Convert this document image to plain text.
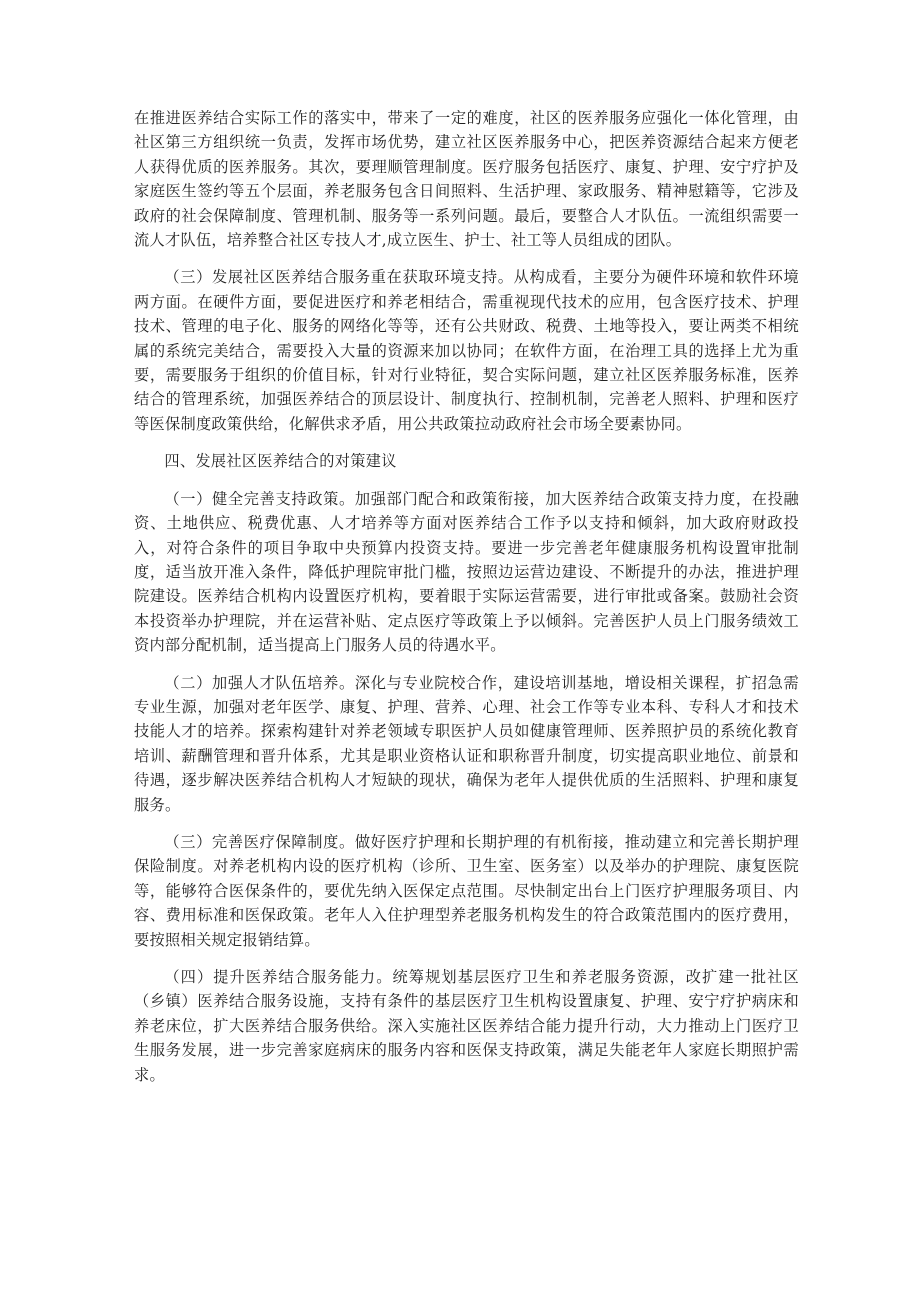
在推进医养结合实际工作的落实中，带来了一定的难度，社区的医养服务应强化一体化管理，由社区第三方组织统一负责，发挥市场优势，建立社区医养服务中心，把医养资源结合起来方便老人获得优质的医养服务。其次，要理顺管理制度。医疗服务包括医疗、康复、护理、安宁疗护及家庭医生签约等五个层面，养老服务包含日间照料、生活护理、家政服务、精神慰籍等，它涉及政府的社会保障制度、管理机制、服务等一系列问题。最后，要整合人才队伍。一流组织需要一流人才队伍，培养整合社区专技人才,成立医生、护士、社工等人员组成的团队。

（三）发展社区医养结合服务重在获取环境支持。从构成看，主要分为硬件环境和软件环境两方面。在硬件方面，要促进医疗和养老相结合，需重视现代技术的应用，包含医疗技术、护理技术、管理的电子化、服务的网络化等等，还有公共财政、税费、土地等投入，要让两类不相统属的系统完美结合，需要投入大量的资源来加以协同；在软件方面，在治理工具的选择上尤为重要，需要服务于组织的价值目标，针对行业特征，契合实际问题，建立社区医养服务标准，医养结合的管理系统，加强医养结合的顶层设计、制度执行、控制机制，完善老人照料、护理和医疗等医保制度政策供给，化解供求矛盾，用公共政策拉动政府社会市场全要素协同。

四、发展社区医养结合的对策建议

（一）健全完善支持政策。加强部门配合和政策衔接，加大医养结合政策支持力度，在投融资、土地供应、税费优惠、人才培养等方面对医养结合工作予以支持和倾斜，加大政府财政投入，对符合条件的项目争取中央预算内投资支持。要进一步完善老年健康服务机构设置审批制度，适当放开准入条件，降低护理院审批门槛，按照边运营边建设、不断提升的办法，推进护理院建设。医养结合机构内设置医疗机构，要着眼于实际运营需要，进行审批或备案。鼓励社会资本投资举办护理院，并在运营补贴、定点医疗等政策上予以倾斜。完善医护人员上门服务绩效工资内部分配机制，适当提高上门服务人员的待遇水平。

（二）加强人才队伍培养。深化与专业院校合作，建设培训基地，增设相关课程，扩招急需专业生源，加强对老年医学、康复、护理、营养、心理、社会工作等专业本科、专科人才和技术技能人才的培养。探索构建针对养老领域专职医护人员如健康管理师、医养照护员的系统化教育培训、薪酬管理和晋升体系，尤其是职业资格认证和职称晋升制度，切实提高职业地位、前景和待遇，逐步解决医养结合机构人才短缺的现状，确保为老年人提供优质的生活照料、护理和康复服务。

（三）完善医疗保障制度。做好医疗护理和长期护理的有机衔接，推动建立和完善长期护理保险制度。对养老机构内设的医疗机构（诊所、卫生室、医务室）以及举办的护理院、康复医院等，能够符合医保条件的，要优先纳入医保定点范围。尽快制定出台上门医疗护理服务项目、内容、费用标准和医保政策。老年人入住护理型养老服务机构发生的符合政策范围内的医疗费用，要按照相关规定报销结算。

（四）提升医养结合服务能力。统筹规划基层医疗卫生和养老服务资源，改扩建一批社区（乡镇）医养结合服务设施，支持有条件的基层医疗卫生机构设置康复、护理、安宁疗护病床和养老床位，扩大医养结合服务供给。深入实施社区医养结合能力提升行动，大力推动上门医疗卫生服务发展，进一步完善家庭病床的服务内容和医保支持政策，满足失能老年人家庭长期照护需求。
